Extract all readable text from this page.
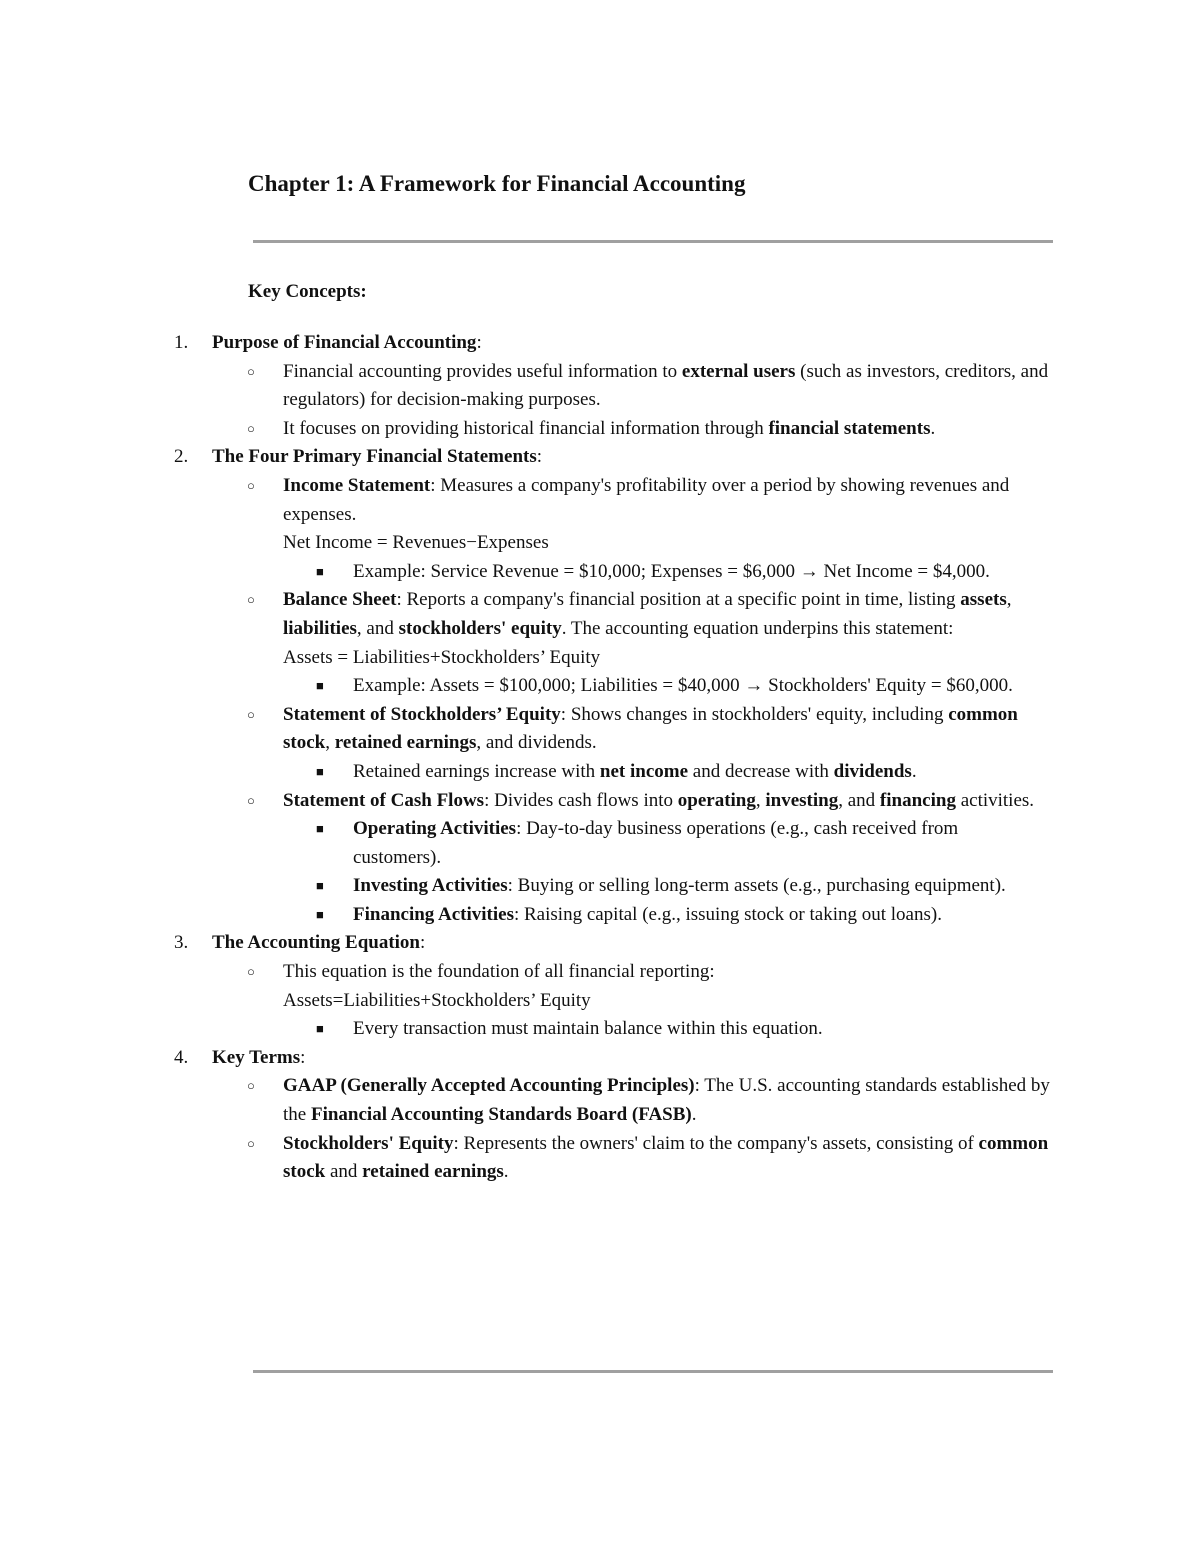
Chapter 1: A Framework for Financial Accounting
Key Concepts:
1.	Purpose of Financial Accounting:
○	Financial accounting provides useful information to external users (such as investors, creditors, and regulators) for decision-making purposes.
○	It focuses on providing historical financial information through financial statements.
2.	The Four Primary Financial Statements:
○	Income Statement: Measures a company's profitability over a period by showing revenues and expenses.
Net Income = Revenues−Expenses
■	Example: Service Revenue = $10,000; Expenses = $6,000 → Net Income = $4,000.
○	Balance Sheet: Reports a company's financial position at a specific point in time, listing assets, liabilities, and stockholders' equity. The accounting equation underpins this statement:
Assets = Liabilities+Stockholders’ Equity
■	Example: Assets = $100,000; Liabilities = $40,000 → Stockholders' Equity = $60,000.
○	Statement of Stockholders’ Equity: Shows changes in stockholders' equity, including common stock, retained earnings, and dividends.
■	Retained earnings increase with net income and decrease with dividends.
○	Statement of Cash Flows: Divides cash flows into operating, investing, and financing activities.
■	Operating Activities: Day-to-day business operations (e.g., cash received from customers).
■	Investing Activities: Buying or selling long-term assets (e.g., purchasing equipment).
■	Financing Activities: Raising capital (e.g., issuing stock or taking out loans).
3.	The Accounting Equation:
○	This equation is the foundation of all financial reporting:
Assets=Liabilities+Stockholders’ Equity
■	Every transaction must maintain balance within this equation.
4.	Key Terms:
○	GAAP (Generally Accepted Accounting Principles): The U.S. accounting standards established by the Financial Accounting Standards Board (FASB).
○	Stockholders' Equity: Represents the owners' claim to the company's assets, consisting of common stock and retained earnings.
